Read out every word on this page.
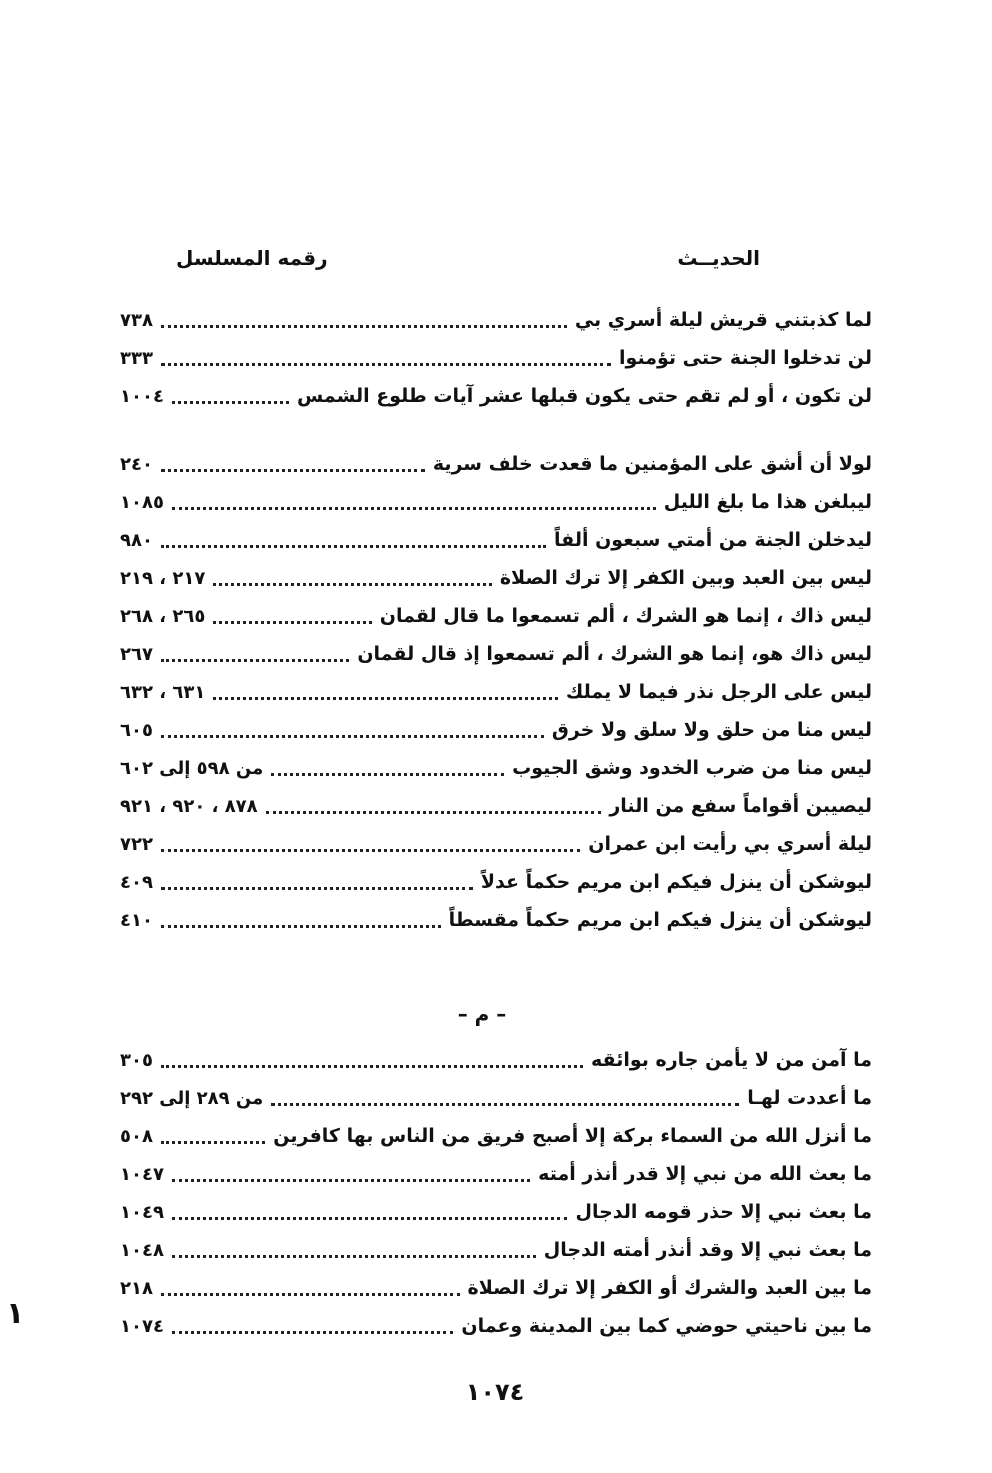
الحديــث
رقمه المسلسل
لما كذبتني قريش ليلة أسري بي
٧٣٨
لن تدخلوا الجنة حتى تؤمنوا
٣٣٣
لن تكون ، أو لم تقم حتى يكون قبلها عشر آيات طلوع الشمس
١٠٠٤
لولا أن أشق على المؤمنين ما قعدت خلف سرية
٢٤٠
ليبلغن هذا ما بلغ الليل
١٠٨٥
ليدخلن الجنة من أمتي سبعون ألفاً
٩٨٠
ليس بين العبد وبين الكفر إلا ترك الصلاة
٢١٧ ، ٢١٩
ليس ذاك ، إنما هو الشرك ، ألم تسمعوا ما قال لقمان
٢٦٥ ، ٢٦٨
ليس ذاك هو، إنما هو الشرك ، ألم تسمعوا إذ قال لقمان
٢٦٧
ليس على الرجل نذر فيما لا يملك
٦٣١ ، ٦٣٢
ليس منا من حلق ولا سلق ولا خرق
٦٠٥
ليس منا من ضرب الخدود وشق الجيوب
من ٥٩٨ إلى ٦٠٢
ليصيبن أقواماً سفع من النار
٨٧٨ ، ٩٢٠ ، ٩٢١
ليلة أسري بي رأيت ابن عمران
٧٢٢
ليوشكن أن ينزل فيكم ابن مريم حكماً عدلاً
٤٠٩
ليوشكن أن ينزل فيكم ابن مريم حكماً مقسطاً
٤١٠
– م –
ما آمن من لا يأمن جاره بوائقه
٣٠٥
ما أعددت لهـا
من ٢٨٩ إلى ٢٩٢
ما أنزل الله من السماء بركة إلا أصبح فريق من الناس بها كافرين
٥٠٨
ما بعث الله من نبي إلا قدر أنذر أمته
١٠٤٧
ما بعث نبي إلا حذر قومه الدجال
١٠٤٩
ما بعث نبي إلا وقد أنذر أمته الدجال
١٠٤٨
ما بين العبد والشرك أو الكفر إلا ترك الصلاة
٢١٨
ما بين ناحيتي حوضي كما بين المدينة وعمان
١٠٧٤
١٠٧٤
١
